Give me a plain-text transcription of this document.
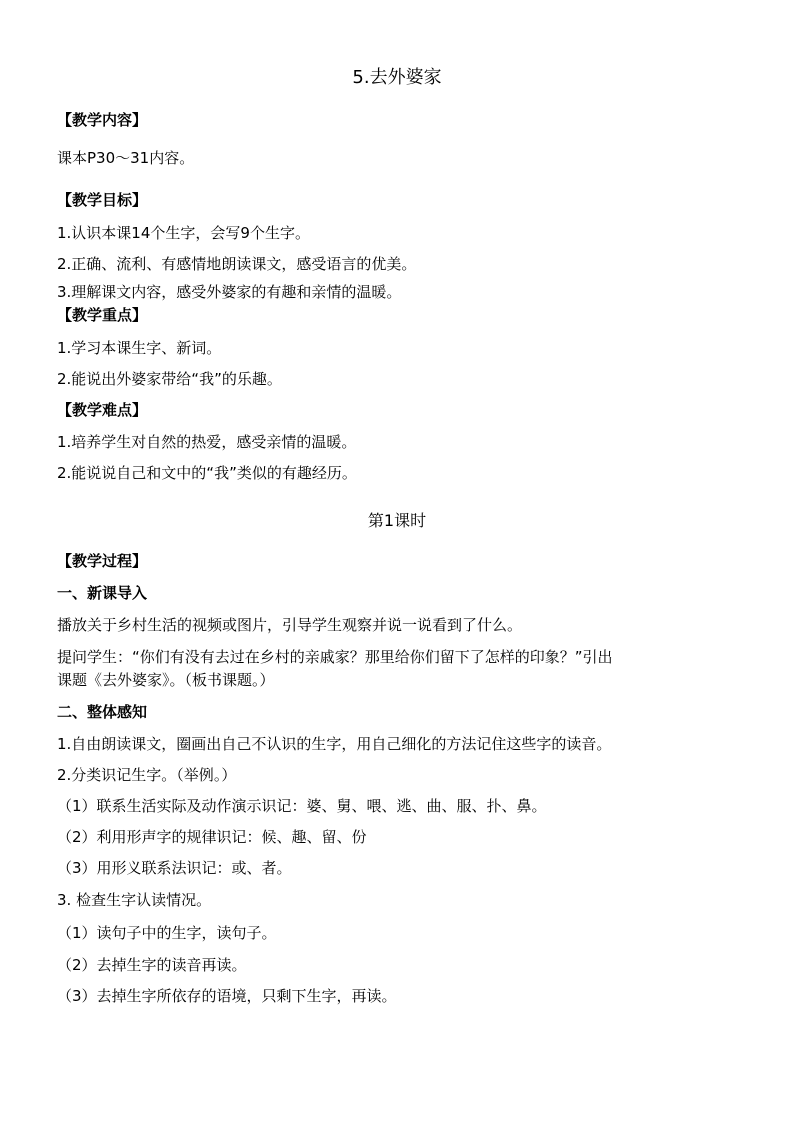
5.去外婆家
【教学内容】
课本P30～31内容。
【教学目标】
1.认识本课14个生字，会写9个生字。
2.正确、流利、有感情地朗读课文，感受语言的优美。
3.理解课文内容，感受外婆家的有趣和亲情的温暖。
【教学重点】
1.学习本课生字、新词。
2.能说出外婆家带给“我”的乐趣。
【教学难点】
1.培养学生对自然的热爱，感受亲情的温暖。
2.能说说自己和文中的“我”类似的有趣经历。
第1课时
【教学过程】
一、新课导入
播放关于乡村生活的视频或图片，引导学生观察并说一说看到了什么。
提问学生：“你们有没有去过在乡村的亲戚家？那里给你们留下了怎样的印象？”引出
课题《去外婆家》。（板书课题。）
二、整体感知
1.自由朗读课文，圈画出自己不认识的生字，用自己细化的方法记住这些字的读音。
2.分类识记生字。（举例。）
（1）联系生活实际及动作演示识记：婆、舅、喂、逃、曲、服、扑、鼻。
（2）利用形声字的规律识记：候、趣、留、份
（3）用形义联系法识记：或、者。
3. 检查生字认读情况。
（1）读句子中的生字，读句子。
（2）去掉生字的读音再读。
（3）去掉生字所依存的语境，只剩下生字，再读。
